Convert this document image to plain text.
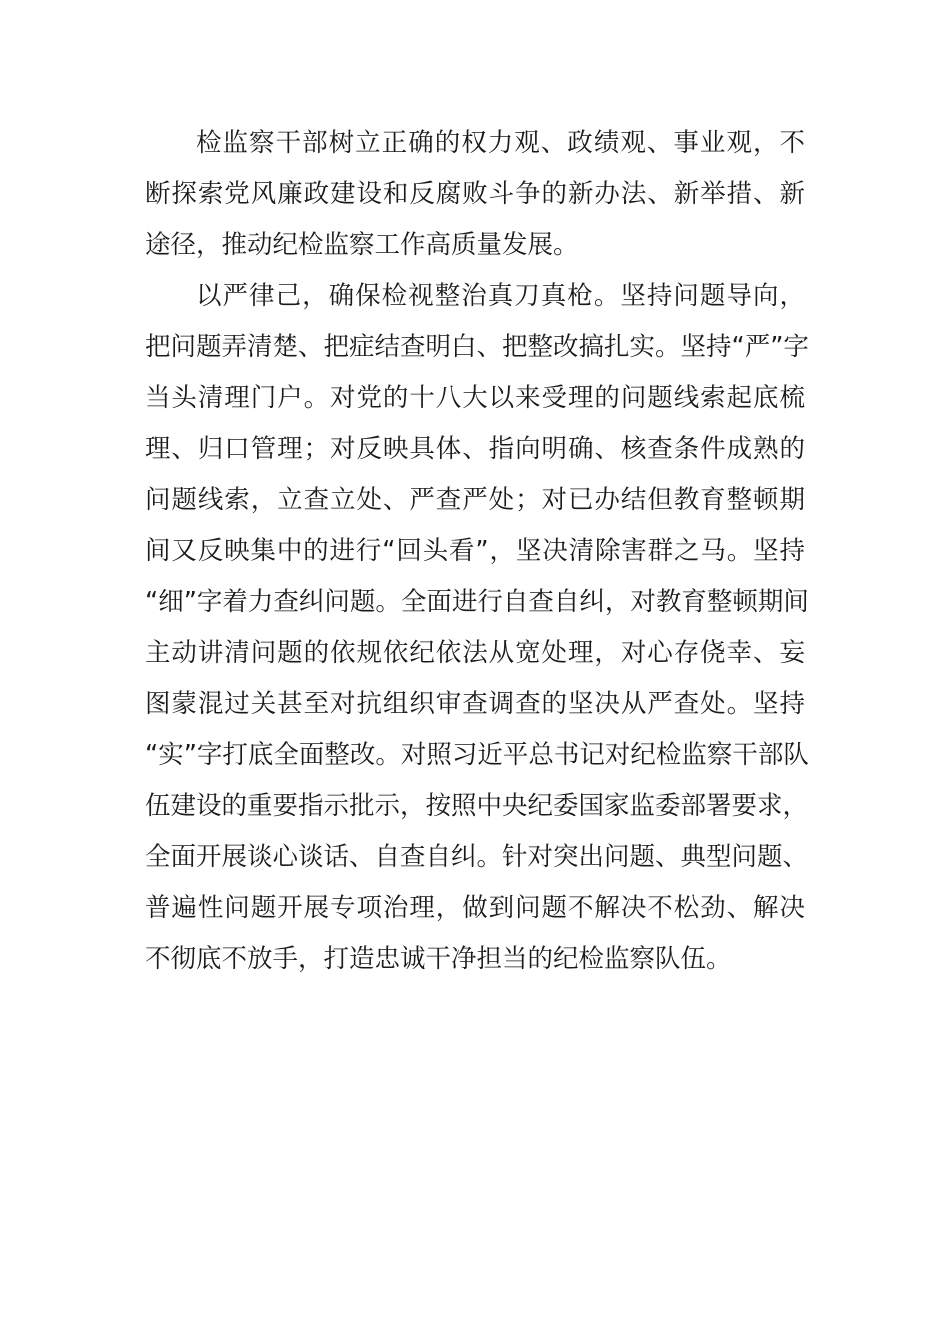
检监察干部树立正确的权力观、政绩观、事业观，不
断探索党风廉政建设和反腐败斗争的新办法、新举措、新
途径，推动纪检监察工作高质量发展。
以严律己，确保检视整治真刀真枪。坚持问题导向，
把问题弄清楚、把症结查明白、把整改搞扎实。坚持“严”字
当头清理门户。对党的十八大以来受理的问题线索起底梳
理、归口管理；对反映具体、指向明确、核查条件成熟的
问题线索，立查立处、严查严处；对已办结但教育整顿期
间又反映集中的进行“回头看”，坚决清除害群之马。坚持
“细”字着力查纠问题。全面进行自查自纠，对教育整顿期间
主动讲清问题的依规依纪依法从宽处理，对心存侥幸、妄
图蒙混过关甚至对抗组织审查调查的坚决从严查处。坚持
“实”字打底全面整改。对照习近平总书记对纪检监察干部队
伍建设的重要指示批示，按照中央纪委国家监委部署要求，
全面开展谈心谈话、自查自纠。针对突出问题、典型问题、
普遍性问题开展专项治理，做到问题不解决不松劲、解决
不彻底不放手，打造忠诚干净担当的纪检监察队伍。
